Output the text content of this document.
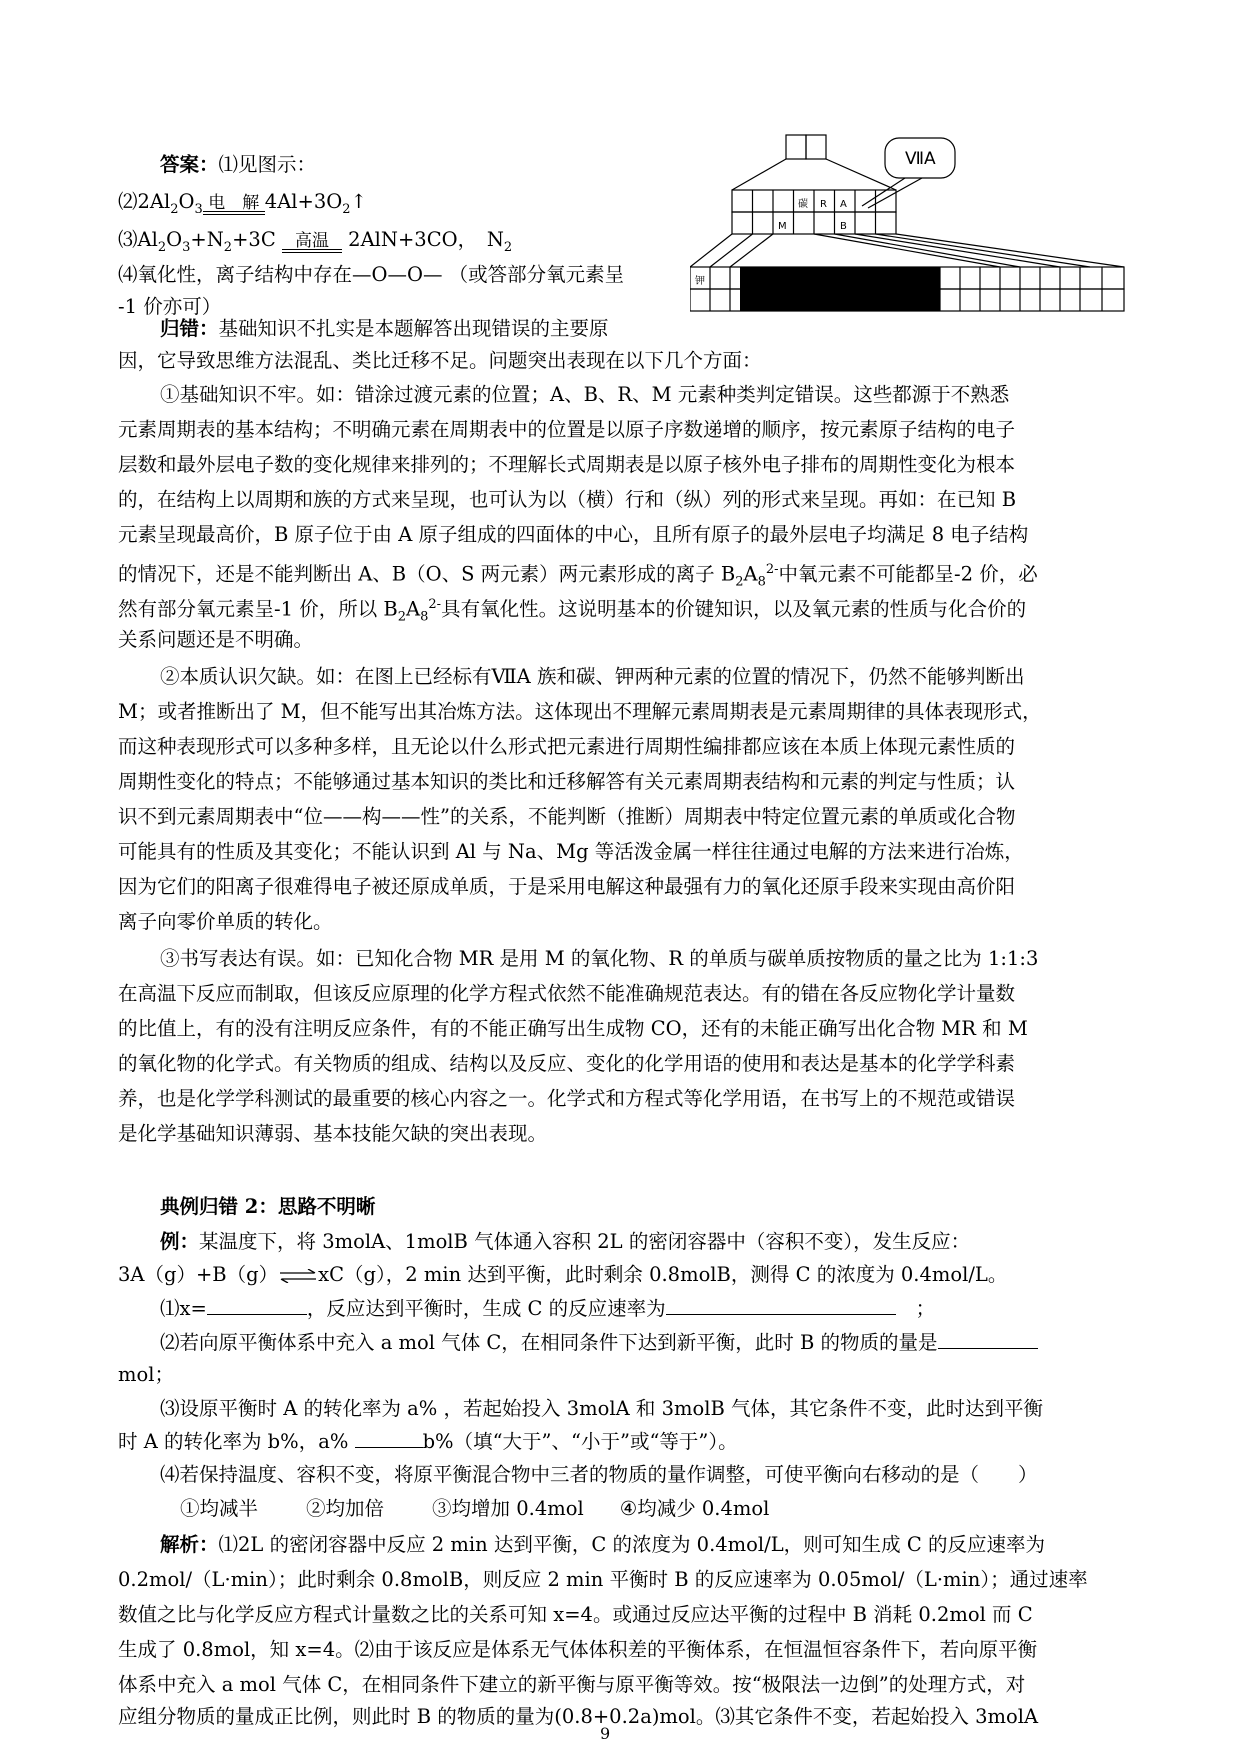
答案：⑴见图示：
$⑵2Al_2O_3$ 电　解 $4Al+3O_2↑$
$⑶Al_2O_3+N_2+3C$	高温 2AlN+3CO，　$N_2$
⑷氧化性，离子结构中存在—O—O— （或答部分氧元素呈
-1 价亦可）
归错：基础知识不扎实是本题解答出现错误的主要原
因，它导致思维方法混乱、类比迁移不足。问题突出表现在以下几个方面：
ⅦA
碳 R A
M	B
钾
①基础知识不牢。如：错涂过渡元素的位置；A、B、R、M 元素种类判定错误。这些都源于不熟悉
元素周期表的基本结构；不明确元素在周期表中的位置是以原子序数递增的顺序，按元素原子结构的电子
层数和最外层电子数的变化规律来排列的；不理解长式周期表是以原子核外电子排布的周期性变化为根本
的，在结构上以周期和族的方式来呈现，也可认为以（横）行和（纵）列的形式来呈现。再如：在已知 B
元素呈现最高价，B 原子位于由 A 原子组成的四面体的中心，且所有原子的最外层电子均满足 8 电子结构
的情况下，还是不能判断出 A、B（O、S 两元素）两元素形成的离子 $B_2A_8^{2-}$中氧元素不可能都呈-2 价，必
然有部分氧元素呈-1 价，所以 $B_2A_8^{2-}$具有氧化性。这说明基本的价键知识，以及氧元素的性质与化合价的
关系问题还是不明确。
②本质认识欠缺。如：在图上已经标有ⅦA 族和碳、钾两种元素的位置的情况下，仍然不能够判断出
M；或者推断出了 M，但不能写出其冶炼方法。这体现出不理解元素周期表是元素周期律的具体表现形式，
而这种表现形式可以多种多样，且无论以什么形式把元素进行周期性编排都应该在本质上体现元素性质的
周期性变化的特点；不能够通过基本知识的类比和迁移解答有关元素周期表结构和元素的判定与性质；认
识不到元素周期表中“位——构——性”的关系，不能判断（推断）周期表中特定位置元素的单质或化合物
可能具有的性质及其变化；不能认识到 Al 与 Na、Mg 等活泼金属一样往往通过电解的方法来进行冶炼，
因为它们的阳离子很难得电子被还原成单质，于是采用电解这种最强有力的氧化还原手段来实现由高价阳
离子向零价单质的转化。
③书写表达有误。如：已知化合物 MR 是用 M 的氧化物、R 的单质与碳单质按物质的量之比为 1:1:3
在高温下反应而制取，但该反应原理的化学方程式依然不能准确规范表达。有的错在各反应物化学计量数
的比值上，有的没有注明反应条件，有的不能正确写出生成物 CO，还有的未能正确写出化合物 MR 和 M
的氧化物的化学式。有关物质的组成、结构以及反应、变化的化学用语的使用和表达是基本的化学学科素
养，也是化学学科测试的最重要的核心内容之一。化学式和方程式等化学用语，在书写上的不规范或错误
是化学基础知识薄弱、基本技能欠缺的突出表现。
典例归错 2：思路不明晰
例：某温度下，将 3molA、1molB 气体通入容积 2L 的密闭容器中（容积不变），发生反应：
3A（g）+B（g）⇌xC（g），2 min 达到平衡，此时剩余 0.8molB，测得 C 的浓度为 0.4mol/L。
⑴x=	，反应达到平衡时，生成 C 的反应速率为	；
⑵若向原平衡体系中充入 a mol 气体 C，在相同条件下达到新平衡，此时 B 的物质的量是
mol；
⑶设原平衡时 A 的转化率为 a% ，若起始投入 3molA 和 3molB 气体，其它条件不变，此时达到平衡
时 A 的转化率为 b%，a%	b%（填“大于”、“小于”或“等于”）。
⑷若保持温度、容积不变，将原平衡混合物中三者的物质的量作调整，可使平衡向右移动的是（　　）
①均减半 ②均加倍 ③均增加 0.4mol ④均减少 0.4mol
解析：⑴2L 的密闭容器中反应 2 min 达到平衡，C 的浓度为 0.4mol/L，则可知生成 C 的反应速率为
0.2mol/（L·min）；此时剩余 0.8molB，则反应 2 min 平衡时 B 的反应速率为 0.05mol/（L·min）；通过速率
数值之比与化学反应方程式计量数之比的关系可知 x=4。或通过反应达平衡的过程中 B 消耗 0.2mol 而 C
生成了 0.8mol，知 x=4。⑵由于该反应是体系无气体体积差的平衡体系，在恒温恒容条件下，若向原平衡
体系中充入 a mol 气体 C，在相同条件下建立的新平衡与原平衡等效。按“极限法一边倒”的处理方式，对
应组分物质的量成正比例，则此时 B 的物质的量为(0.8+0.2a)mol。⑶其它条件不变，若起始投入 3molA
9
